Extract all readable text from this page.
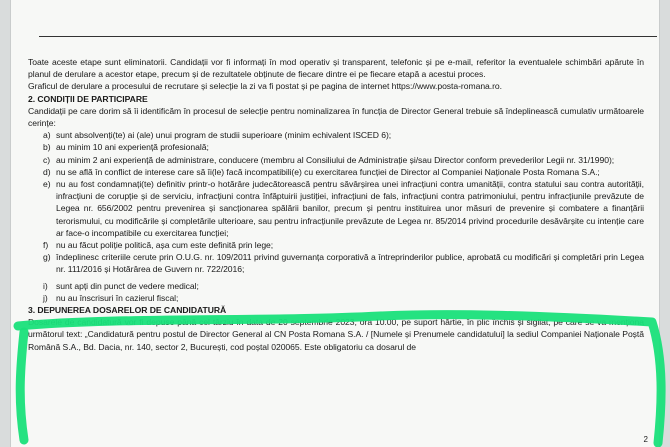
Toate aceste etape sunt eliminatorii. Candidații vor fi informați în mod operativ și transparent, telefonic și pe e-mail, referitor la eventualele schimbări apărute în planul de derulare a acestor etape, precum și de rezultatele obținute de fiecare dintre ei pe fiecare etapă a acestui proces.

Graficul de derulare a procesului de recrutare și selecție la zi va fi postat și pe pagina de internet https://www.posta-romana.ro.

2. CONDIȚII DE PARTICIPARE

Candidații pe care dorim să îi identificăm în procesul de selecție pentru nominalizarea în funcția de Director General trebuie să îndeplinească cumulativ următoarele cerințe:

a) sunt absolvenți(te) ai (ale) unui program de studii superioare (minim echivalent ISCED 6);
b) au minim 10 ani experiență profesională;
c) au minim 2 ani experiență de administrare, conducere (membru al Consiliului de Administrație și/sau Director conform prevederilor Legii nr. 31/1990);
d) nu se află în conflict de interese care să îi(le) facă incompatibili(e) cu exercitarea funcției de Director al Companiei Naționale Posta Romana S.A.;
e) nu au fost condamnați(te) definitiv printr-o hotărâre judecătorească pentru săvârșirea unei infracțiuni contra umanității, contra statului sau contra autorității, infracțiuni de corupție și de serviciu, infracțiuni contra înfăptuirii justiției, infracțiuni de fals, infracțiuni contra patrimoniului, pentru infracțiunile prevăzute de Legea nr. 656/2002 pentru prevenirea și sancționarea spălării banilor, precum și pentru instituirea unor măsuri de prevenire și combatere a finanțării terorismului, cu modificările și completările ulterioare, sau pentru infracțiunile prevăzute de Legea nr. 85/2014 privind procedurile desăvârșite cu intenție care ar face-o incompatibile cu exercitarea funcției;
f) nu au făcut poliție politică, așa cum este definită prin lege;
g) îndeplinesc criteriile cerute prin O.U.G. nr. 109/2011 privind guvernanța corporativă a întreprinderilor publice, aprobată cu modificări și completări prin Legea nr. 111/2016 și Hotărârea de Guvern nr. 722/2016;
i) sunt apți din punct de vedere medical;
j) nu au înscrisuri în cazierul fiscal;

3. DEPUNEREA DOSARELOR DE CANDIDATURĂ

Dosarele de candidatură vor fi depuse până cel târziu în data de 20 septembrie 2023, ora 10.00, pe suport hârtie, în plic închis și sigilat, pe care se va menționa următorul text: „Candidatură pentru postul de Director General al CN Posta Romana S.A. / [Numele și Prenumele candidatului] la sediul Companiei Naționale Poștă Română S.A., Bd. Dacia, nr. 140, sector 2, București, cod poștal 020065. Este obligatoriu ca dosarul de

2
